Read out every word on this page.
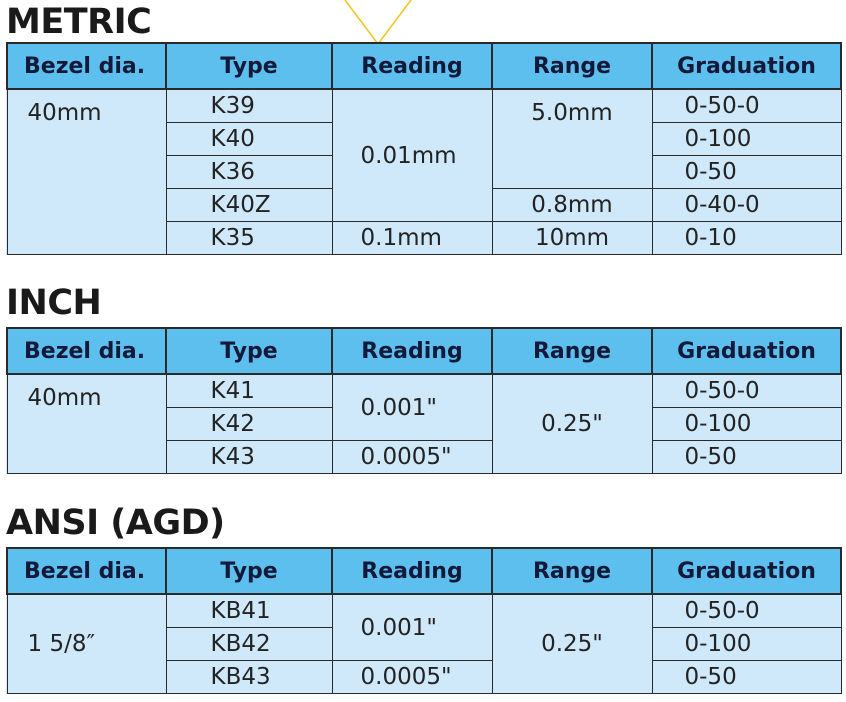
METRIC
Bezel dia.	Type	Reading	Range	Graduation
40mm	K39	0.01mm	5.0mm	0-50-0
	K40			0-100
	K36			0-50
	K40Z		0.8mm	0-40-0
	K35	0.1mm	10mm	0-10
INCH
Bezel dia.	Type	Reading	Range	Graduation
40mm	K41	0.001"	0.25"	0-50-0
	K42			0-100
	K43	0.0005"		0-50
ANSI (AGD)
Bezel dia.	Type	Reading	Range	Graduation
1 5/8″	KB41	0.001"	0.25"	0-50-0
	KB42			0-100
	KB43	0.0005"		0-50
